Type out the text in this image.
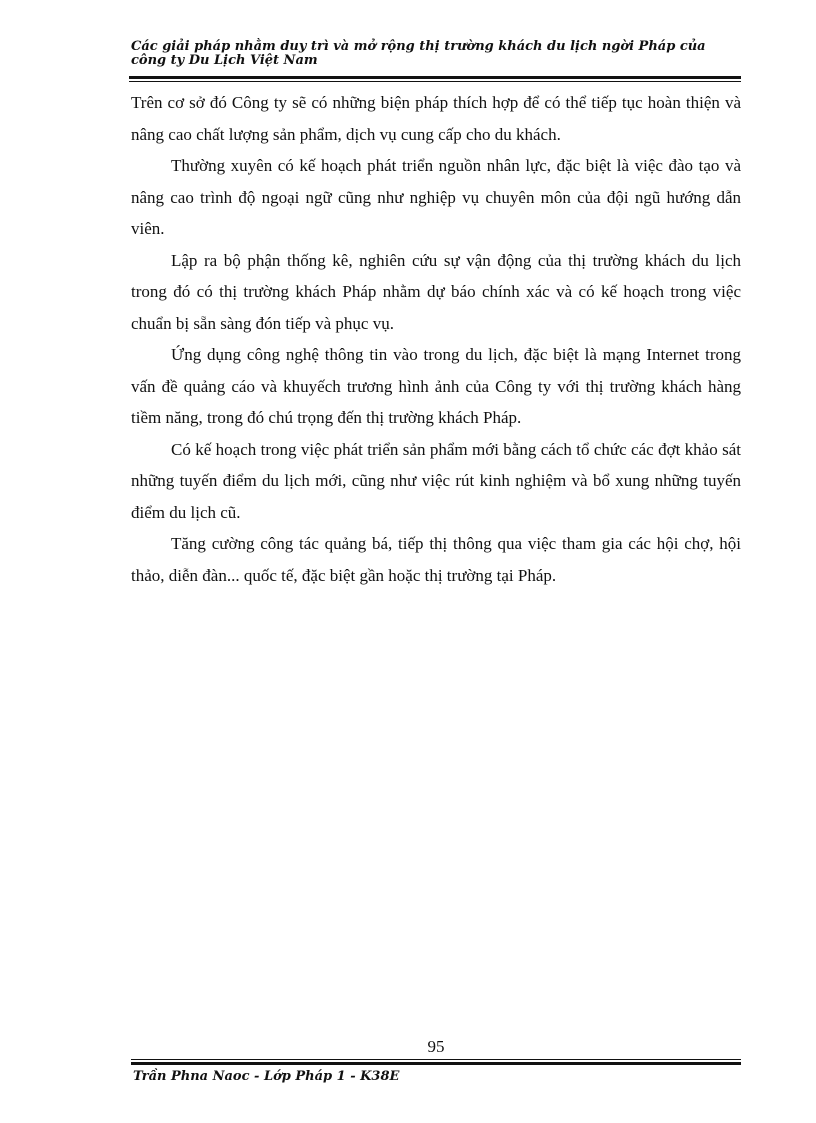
Các giải pháp nhằm duy trì và mở rộng thị trường khách du lịch ngời Pháp của
công ty Du Lịch Việt Nam

Trên cơ sở đó Công ty sẽ có những biện pháp thích hợp để có thể tiếp tục hoàn thiện và nâng cao chất lượng sản phẩm, dịch vụ cung cấp cho du khách.

Thường xuyên có kế hoạch phát triển nguồn nhân lực, đặc biệt là việc đào tạo và nâng cao trình độ ngoại ngữ cũng như nghiệp vụ chuyên môn của đội ngũ hướng dẫn viên.

Lập ra bộ phận thống kê, nghiên cứu sự vận động của thị trường khách du lịch trong đó có thị trường khách Pháp nhằm dự báo chính xác và có kế hoạch trong việc chuẩn bị sẵn sàng đón tiếp và phục vụ.

Ứng dụng công nghệ thông tin vào trong du lịch, đặc biệt là mạng Internet trong vấn đề quảng cáo và khuyếch trương hình ảnh của Công ty với thị trường khách hàng tiềm năng, trong đó chú trọng đến thị trường khách Pháp.

Có kế hoạch trong việc phát triển sản phẩm mới bằng cách tổ chức các đợt khảo sát những tuyến điểm du lịch mới, cũng như việc rút kinh nghiệm và bổ xung những tuyến điểm du lịch cũ.

Tăng cường công tác quảng bá, tiếp thị thông qua việc tham gia các hội chợ, hội thảo, diễn đàn... quốc tế, đặc biệt gần hoặc thị trường tại Pháp.

95
Trần Phna Naoc - Lớp Pháp 1 - K38E
